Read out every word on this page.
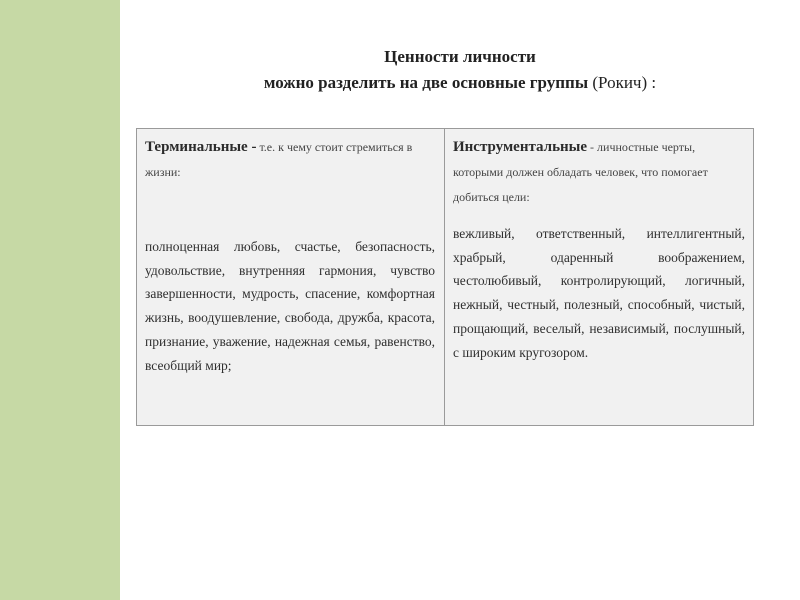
Ценности личности
можно разделить на две основные группы (Рокич) :
Терминальные - т.е. к чему стоит стремиться в жизни:
полноценная любовь, счастье, безопасность, удовольствие, внутренняя гармония, чувство завершенности, мудрость, спасение, комфортная жизнь, воодушевление, свобода, дружба, красота, признание, уважение, надежная семья, равенство, всеобщий мир;
Инструментальные - личностные черты, которыми должен обладать человек, что помогает добиться цели:
вежливый, ответственный, интеллигентный, храбрый, одаренный воображением, честолюбивый, контролирующий, логичный, нежный, честный, полезный, способный, чистый, прощающий, веселый, независимый, послушный, с широким кругозором.
